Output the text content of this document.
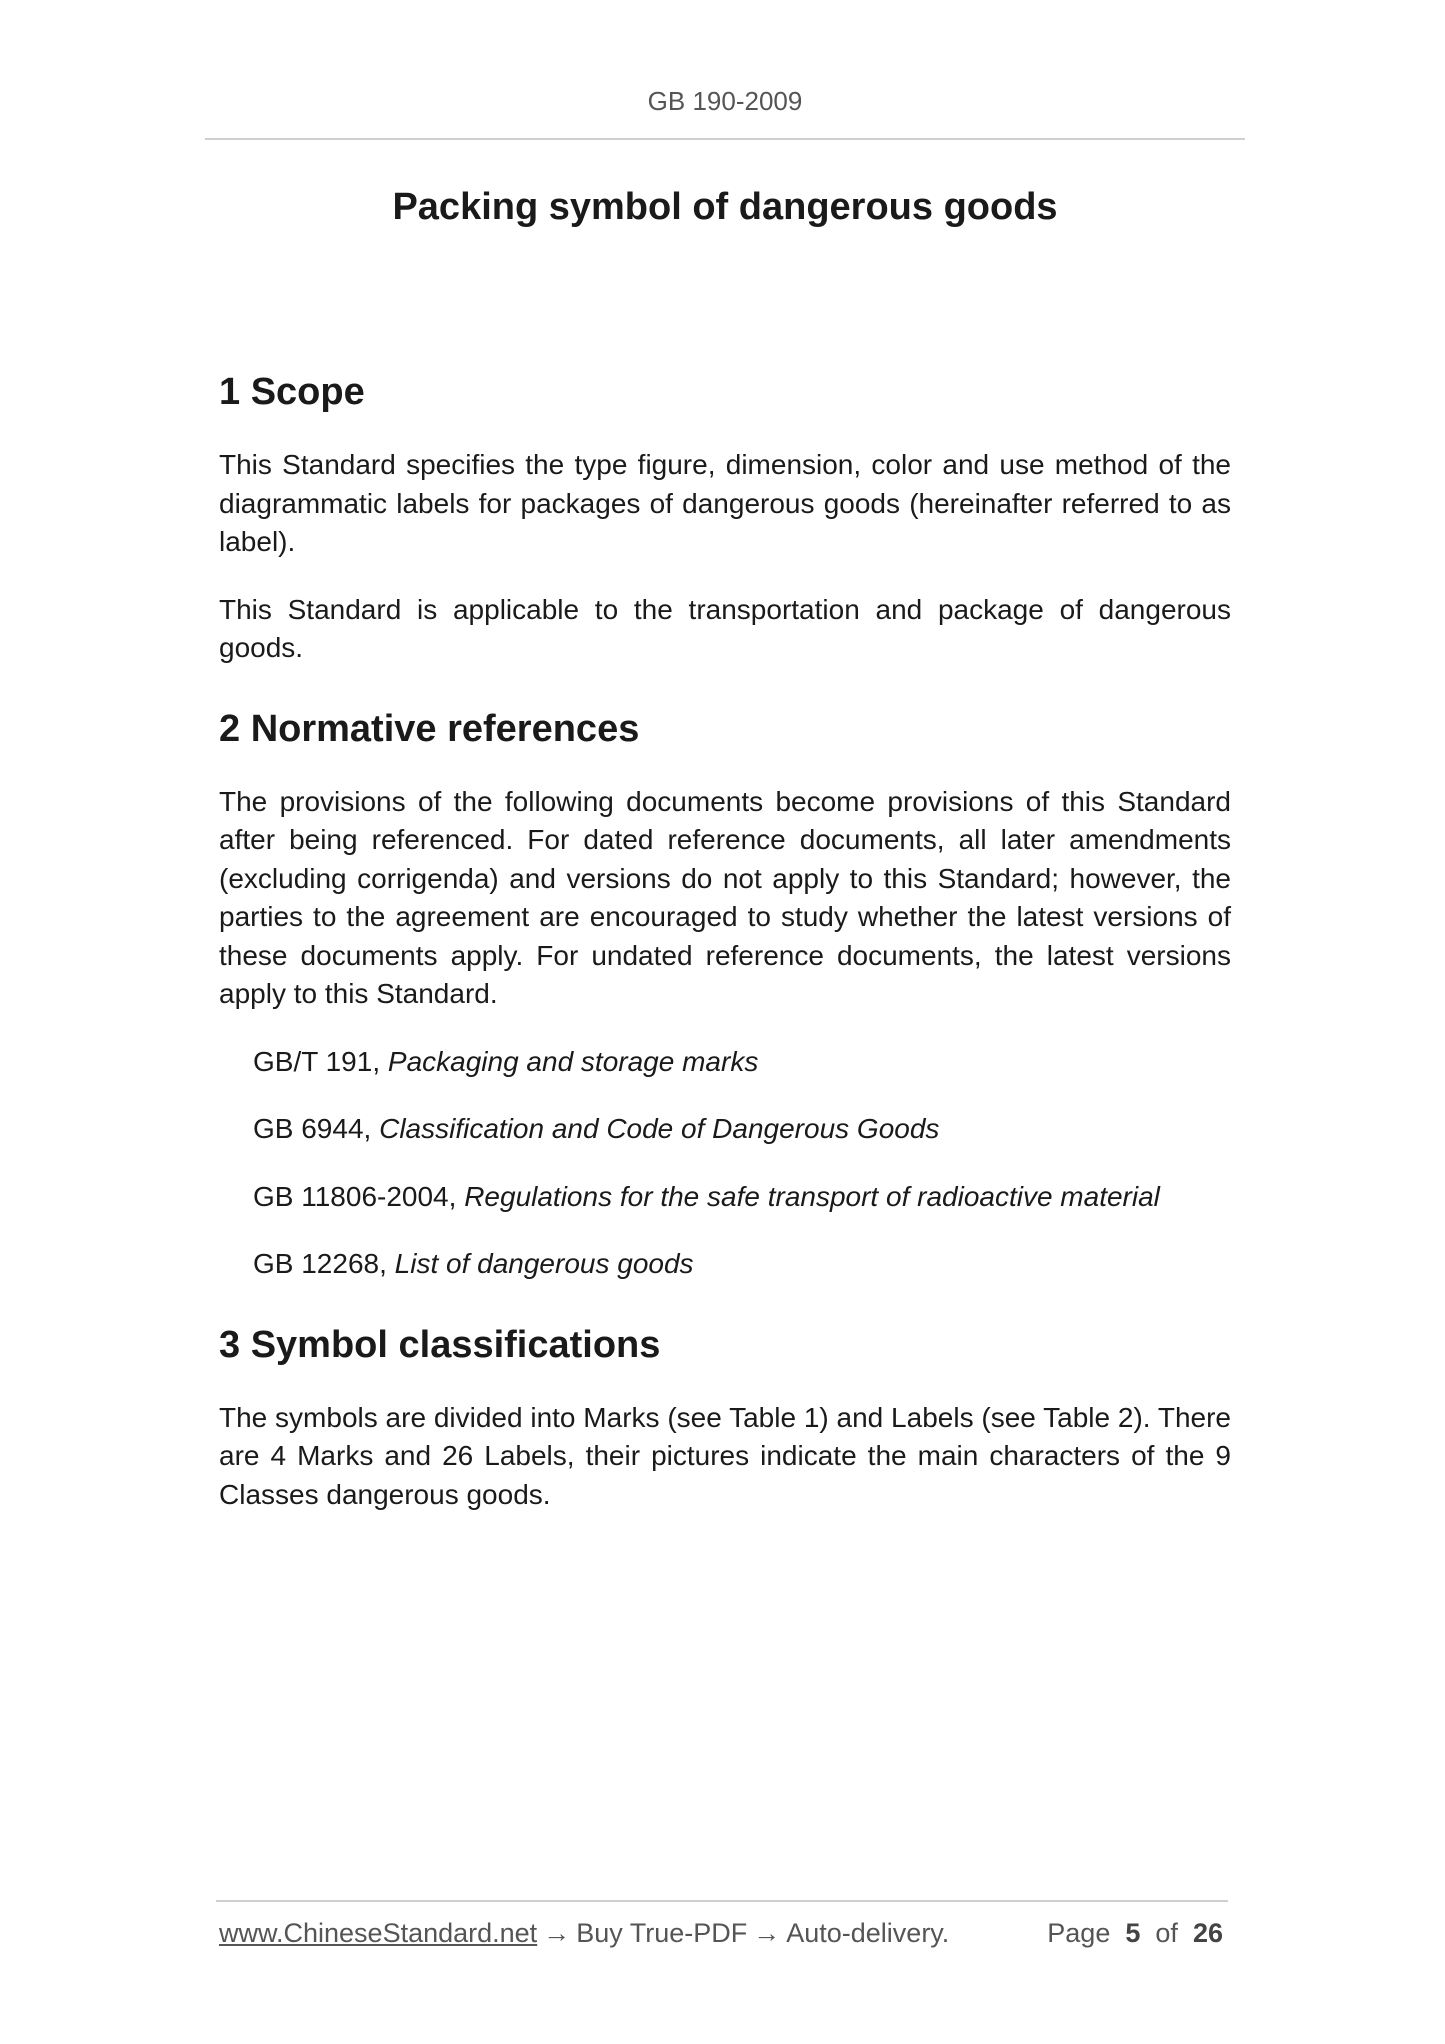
GB 190-2009
Packing symbol of dangerous goods
1 Scope

This Standard specifies the type figure, dimension, color and use method of the diagrammatic labels for packages of dangerous goods (hereinafter referred to as label).

This Standard is applicable to the transportation and package of dangerous goods.

2 Normative references

The provisions of the following documents become provisions of this Standard after being referenced. For dated reference documents, all later amendments (excluding corrigenda) and versions do not apply to this Standard; however, the parties to the agreement are encouraged to study whether the latest versions of these documents apply. For undated reference documents, the latest versions apply to this Standard.

GB/T 191, Packaging and storage marks
GB 6944, Classification and Code of Dangerous Goods
GB 11806-2004, Regulations for the safe transport of radioactive material
GB 12268, List of dangerous goods
3 Symbol classifications

The symbols are divided into Marks (see Table 1) and Labels (see Table 2). There are 4 Marks and 26 Labels, their pictures indicate the main characters of the 9 Classes dangerous goods.

www.ChineseStandard.net → Buy True-PDF → Auto-delivery.	Page 5 of 26
